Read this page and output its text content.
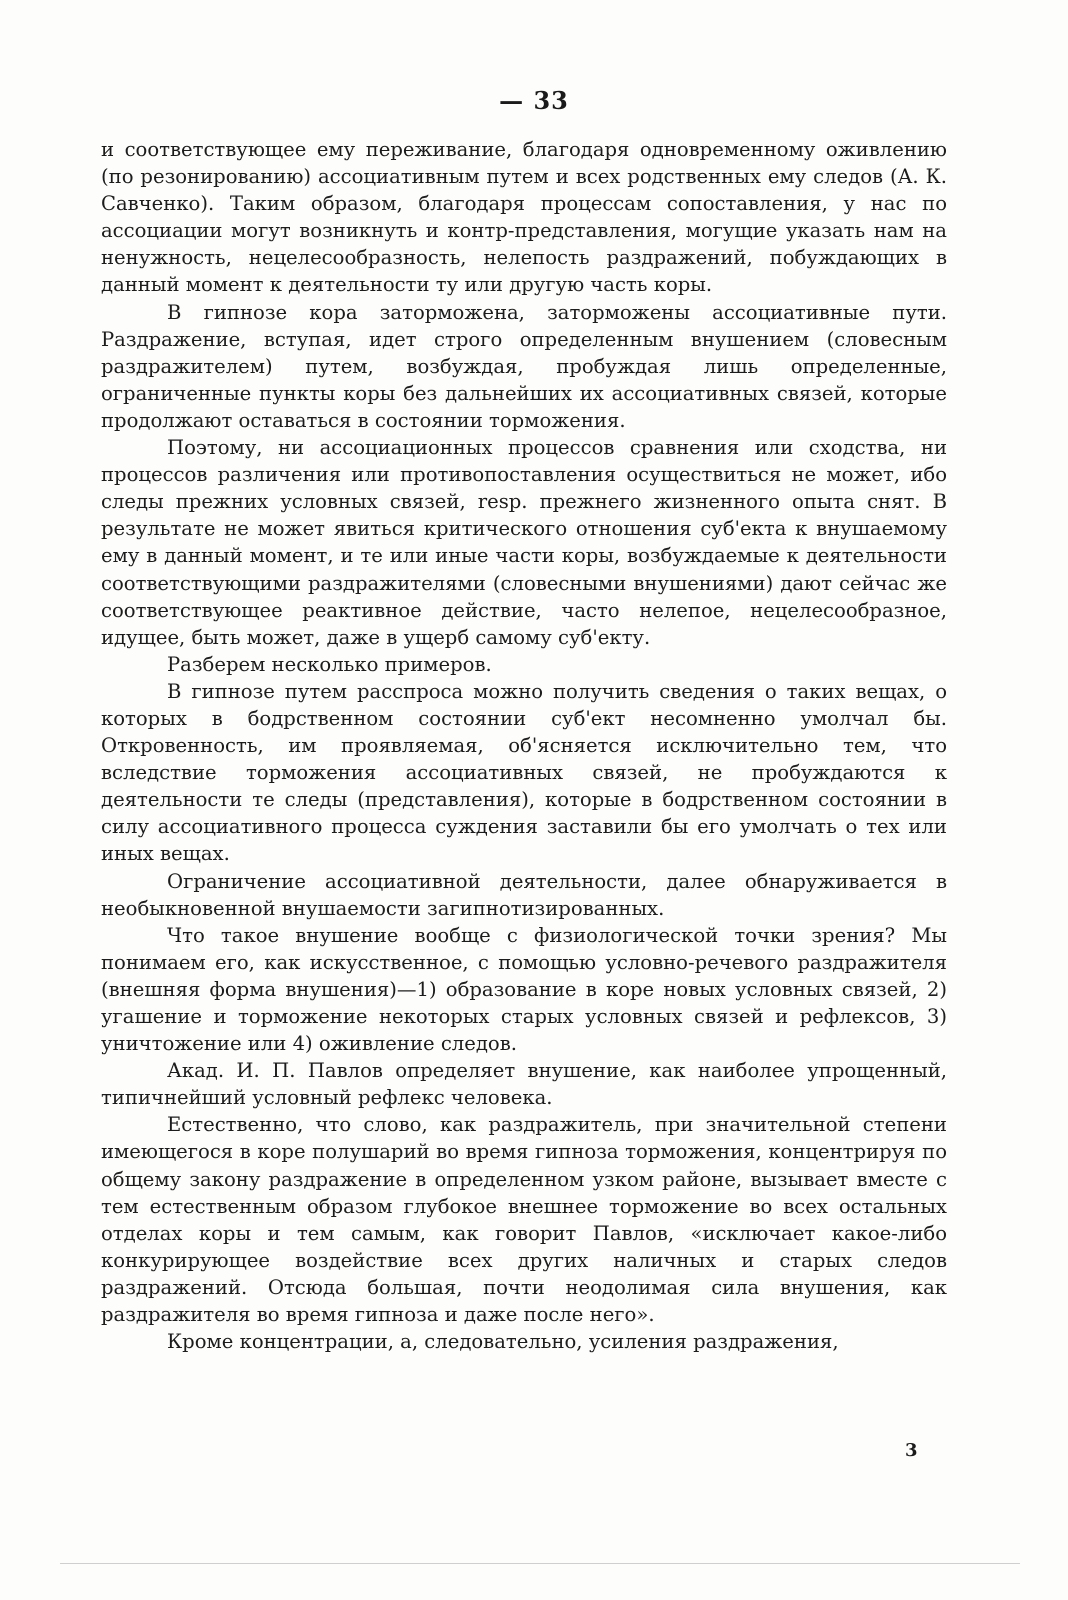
— 33

и соответствующее ему переживание, благодаря одновременному оживлению (по резонированию) ассоциативным путем и всех родственных ему следов (А. К. Савченко). Таким образом, благодаря процессам сопоставления, у нас по ассоциации могут возникнуть и контр-представления, могущие указать нам на ненужность, нецелесообразность, нелепость раздражений, побуждающих в данный момент к деятельности ту или другую часть коры.

В гипнозе кора заторможена, заторможены ассоциативные пути. Раздражение, вступая, идет строго определенным внушением (словесным раздражителем) путем, возбуждая, пробуждая лишь определенные, ограниченные пункты коры без дальнейших их ассоциативных связей, которые продолжают оставаться в состоянии торможения.

Поэтому, ни ассоциационных процессов сравнения или сходства, ни процессов различения или противопоставления осуществиться не может, ибо следы прежних условных связей, resp. прежнего жизненного опыта снят. В результате не может явиться критического отношения суб'екта к внушаемому ему в данный момент, и те или иные части коры, возбуждаемые к деятельности соответствующими раздражителями (словесными внушениями) дают сейчас же соответствующее реактивное действие, часто нелепое, нецелесообразное, идущее, быть может, даже в ущерб самому суб'екту.

Разберем несколько примеров.

В гипнозе путем расспроса можно получить сведения о таких вещах, о которых в бодрственном состоянии суб'ект несомненно умолчал бы. Откровенность, им проявляемая, об'ясняется исключительно тем, что вследствие торможения ассоциативных связей, не пробуждаются к деятельности те следы (представления), которые в бодрственном состоянии в силу ассоциативного процесса суждения заставили бы его умолчать о тех или иных вещах.

Ограничение ассоциативной деятельности, далее обнаруживается в необыкновенной внушаемости загипнотизированных.

Что такое внушение вообще с физиологической точки зрения? Мы понимаем его, как искусственное, с помощью условно-речевого раздражителя (внешняя форма внушения)—1) образование в коре новых условных связей, 2) угашение и торможение некоторых старых условных связей и рефлексов, 3) уничтожение или 4) оживление следов.

Акад. И. П. Павлов определяет внушение, как наиболее упрощенный, типичнейший условный рефлекс человека.

Естественно, что слово, как раздражитель, при значительной степени имеющегося в коре полушарий во время гипноза торможения, концентрируя по общему закону раздражение в определенном узком районе, вызывает вместе с тем естественным образом глубокое внешнее торможение во всех остальных отделах коры и тем самым, как говорит Павлов, «исключает какое-либо конкурирующее воздействие всех других наличных и старых следов раздражений. Отсюда большая, почти неодолимая сила внушения, как раздражителя во время гипноза и даже после него».

Кроме концентрации, а, следовательно, усиления раздражения,

3
